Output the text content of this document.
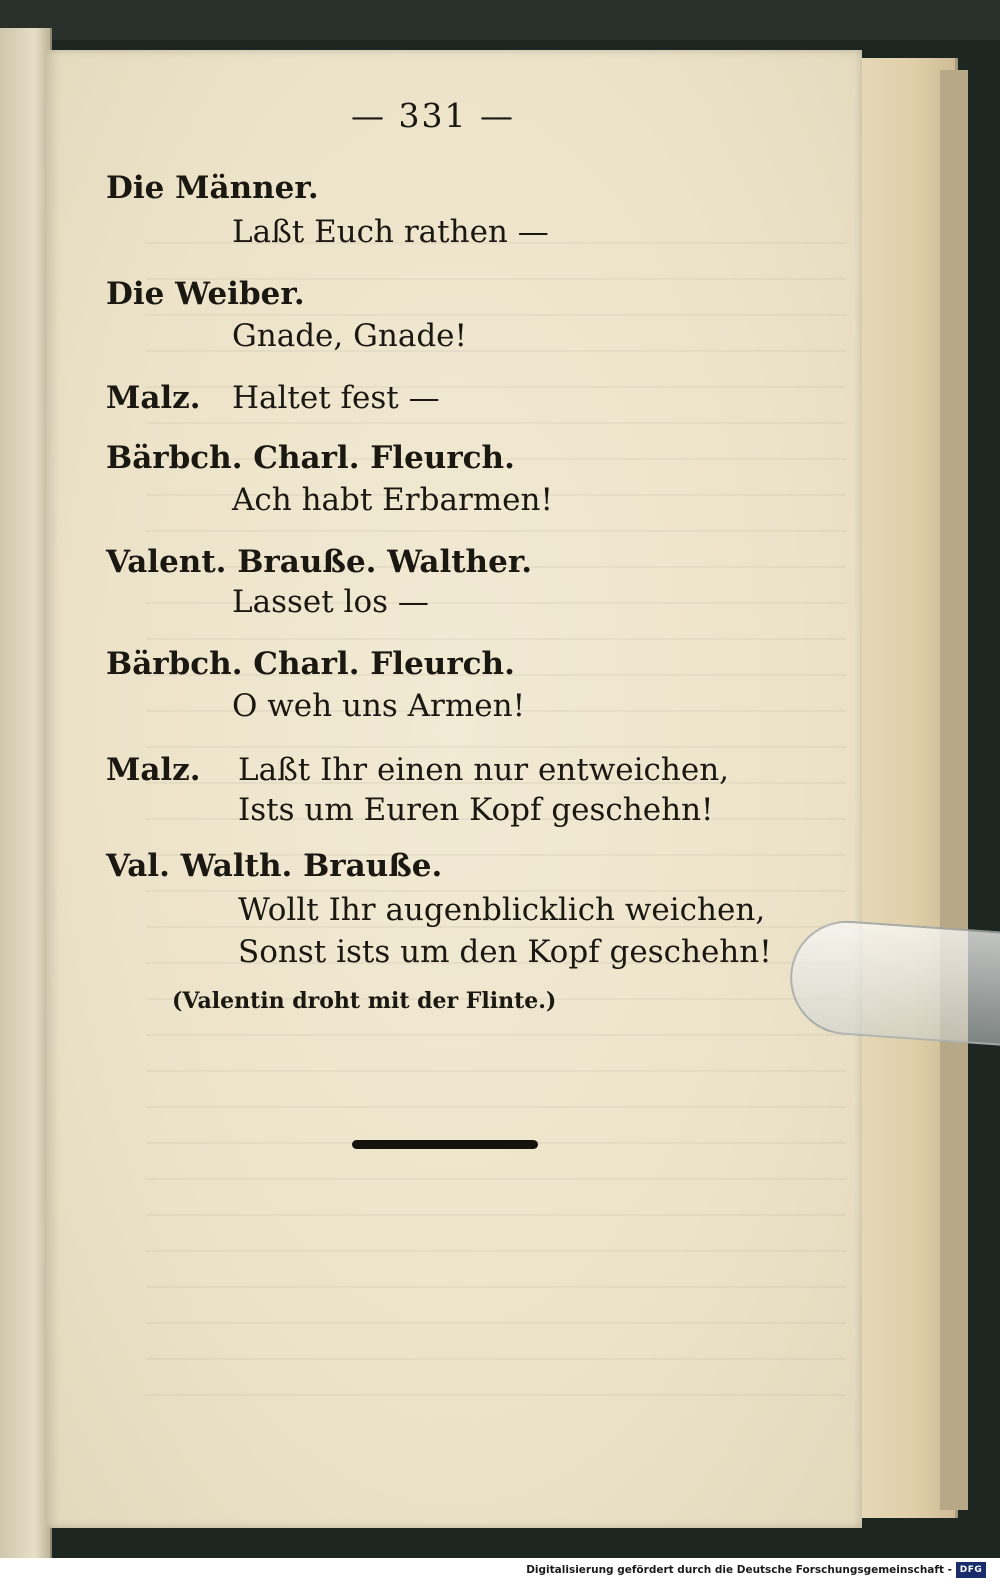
— 331 —
Die Männer.
Laßt Euch rathen —
Die Weiber.
Gnade, Gnade!
Malz. Haltet fest —
Bärbch. Charl. Fleurch.
Ach habt Erbarmen!
Valent. Braußе. Walther.
Lasset los —
Bärbch. Charl. Fleurch.
O weh uns Armen!
Malz. Laßt Ihr einen nur entweichen,
Ists um Euren Kopf geschehn!
Val. Walth. Braußе.
Wollt Ihr augenblicklich weichen,
Sonst ists um den Kopf geschehn!
(Valentin droht mit der Flinte.)
Digitalisierung gefördert durch die Deutsche Forschungsgemeinschaft - DFG
